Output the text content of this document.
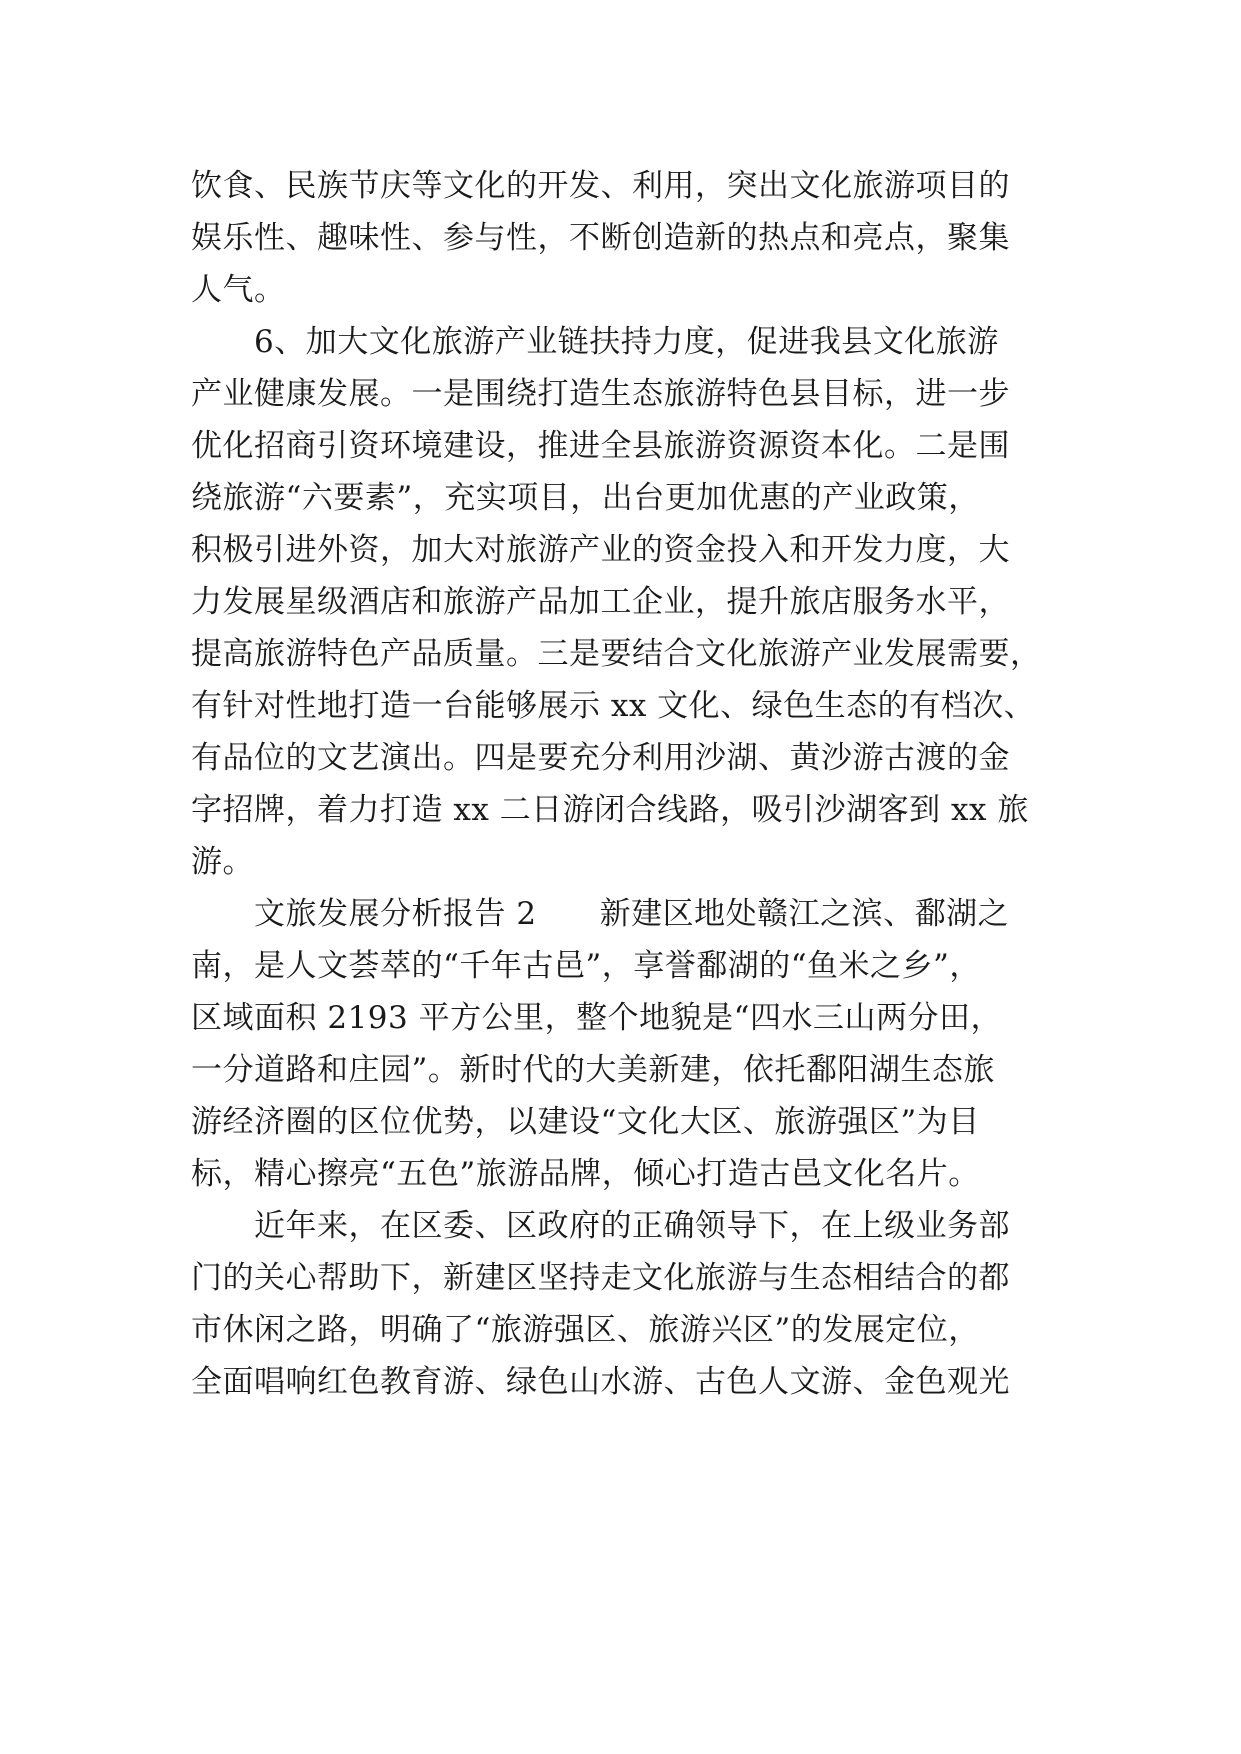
饮食、民族节庆等文化的开发、利用，突出文化旅游项目的
娱乐性、趣味性、参与性，不断创造新的热点和亮点，聚集
人气。
　　6、加大文化旅游产业链扶持力度，促进我县文化旅游
产业健康发展。一是围绕打造生态旅游特色县目标，进一步
优化招商引资环境建设，推进全县旅游资源资本化。二是围
绕旅游“六要素”，充实项目，出台更加优惠的产业政策，
积极引进外资，加大对旅游产业的资金投入和开发力度，大
力发展星级酒店和旅游产品加工企业，提升旅店服务水平，
提高旅游特色产品质量。三是要结合文化旅游产业发展需要，
有针对性地打造一台能够展示 xx 文化、绿色生态的有档次、
有品位的文艺演出。四是要充分利用沙湖、黄沙游古渡的金
字招牌，着力打造 xx 二日游闭合线路，吸引沙湖客到 xx 旅
游。
　　文旅发展分析报告 2　　新建区地处赣江之滨、鄱湖之
南，是人文荟萃的“千年古邑”，享誉鄱湖的“鱼米之乡”，
区域面积 2193 平方公里，整个地貌是“四水三山两分田，
一分道路和庄园”。新时代的大美新建，依托鄱阳湖生态旅
游经济圈的区位优势，以建设“文化大区、旅游强区”为目
标，精心擦亮“五色”旅游品牌，倾心打造古邑文化名片。
　　近年来，在区委、区政府的正确领导下，在上级业务部
门的关心帮助下，新建区坚持走文化旅游与生态相结合的都
市休闲之路，明确了“旅游强区、旅游兴区”的发展定位，
全面唱响红色教育游、绿色山水游、古色人文游、金色观光
